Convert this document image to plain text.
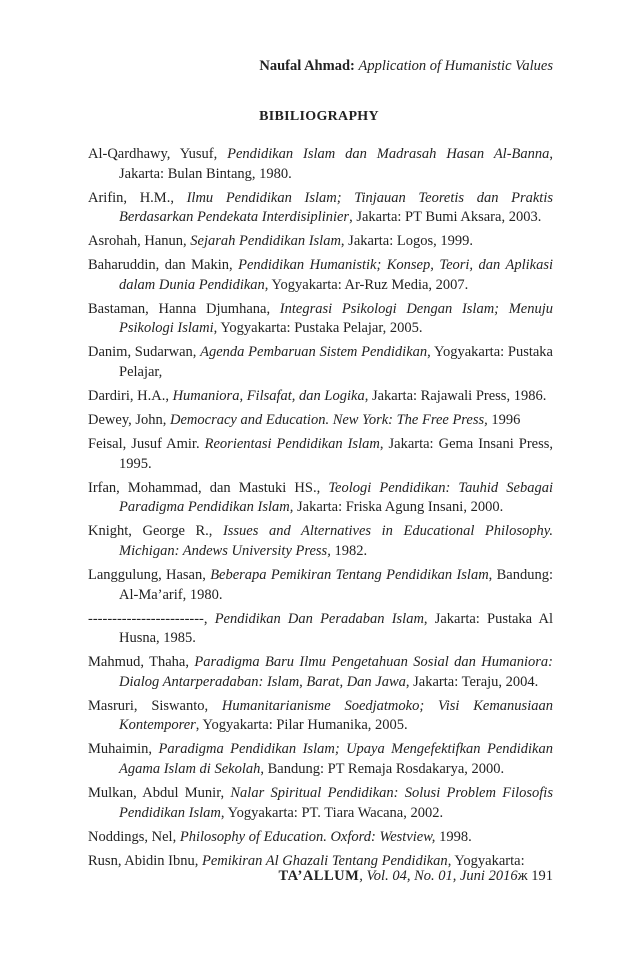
Naufal Ahmad: Application of Humanistic Values
BIBILIOGRAPHY
Al-Qardhawy, Yusuf, Pendidikan Islam dan Madrasah Hasan Al-Banna, Jakarta: Bulan Bintang, 1980.
Arifin, H.M., Ilmu Pendidikan Islam; Tinjauan Teoretis dan Praktis Berdasarkan Pendekata Interdisiplinier, Jakarta: PT Bumi Aksara, 2003.
Asrohah, Hanun, Sejarah Pendidikan Islam, Jakarta: Logos, 1999.
Baharuddin, dan Makin, Pendidikan Humanistik; Konsep, Teori, dan Aplikasi dalam Dunia Pendidikan, Yogyakarta: Ar-Ruz Media, 2007.
Bastaman, Hanna Djumhana, Integrasi Psikologi Dengan Islam; Menuju Psikologi Islami, Yogyakarta: Pustaka Pelajar, 2005.
Danim, Sudarwan, Agenda Pembaruan Sistem Pendidikan, Yogyakarta: Pustaka Pelajar,
Dardiri, H.A., Humaniora, Filsafat, dan Logika, Jakarta: Rajawali Press, 1986.
Dewey, John, Democracy and Education. New York: The Free Press, 1996
Feisal, Jusuf Amir. Reorientasi Pendidikan Islam, Jakarta: Gema Insani Press, 1995.
Irfan, Mohammad, dan Mastuki HS., Teologi Pendidikan: Tauhid Sebagai Paradigma Pendidikan Islam, Jakarta: Friska Agung Insani, 2000.
Knight, George R., Issues and Alternatives in Educational Philosophy. Michigan: Andews University Press, 1982.
Langgulung, Hasan, Beberapa Pemikiran Tentang Pendidikan Islam, Bandung: Al-Ma’arif, 1980.
------------------------, Pendidikan Dan Peradaban Islam, Jakarta: Pustaka Al Husna, 1985.
Mahmud, Thaha, Paradigma Baru Ilmu Pengetahuan Sosial dan Humaniora: Dialog Antarperadaban: Islam, Barat, Dan Jawa, Jakarta: Teraju, 2004.
Masruri, Siswanto, Humanitarianisme Soedjatmoko; Visi Kemanusiaan Kontemporer, Yogyakarta: Pilar Humanika, 2005.
Muhaimin, Paradigma Pendidikan Islam; Upaya Mengefektifkan Pendidikan Agama Islam di Sekolah, Bandung: PT Remaja Rosdakarya, 2000.
Mulkan, Abdul Munir, Nalar Spiritual Pendidikan: Solusi Problem Filosofis Pendidikan Islam, Yogyakarta: PT. Tiara Wacana, 2002.
Noddings, Nel, Philosophy of Education. Oxford: Westview, 1998.
Rusn, Abidin Ibnu, Pemikiran Al Ghazali Tentang Pendidikan, Yogyakarta:
TA’ALLUM, Vol. 04, No. 01, Juni 2016ж 191
